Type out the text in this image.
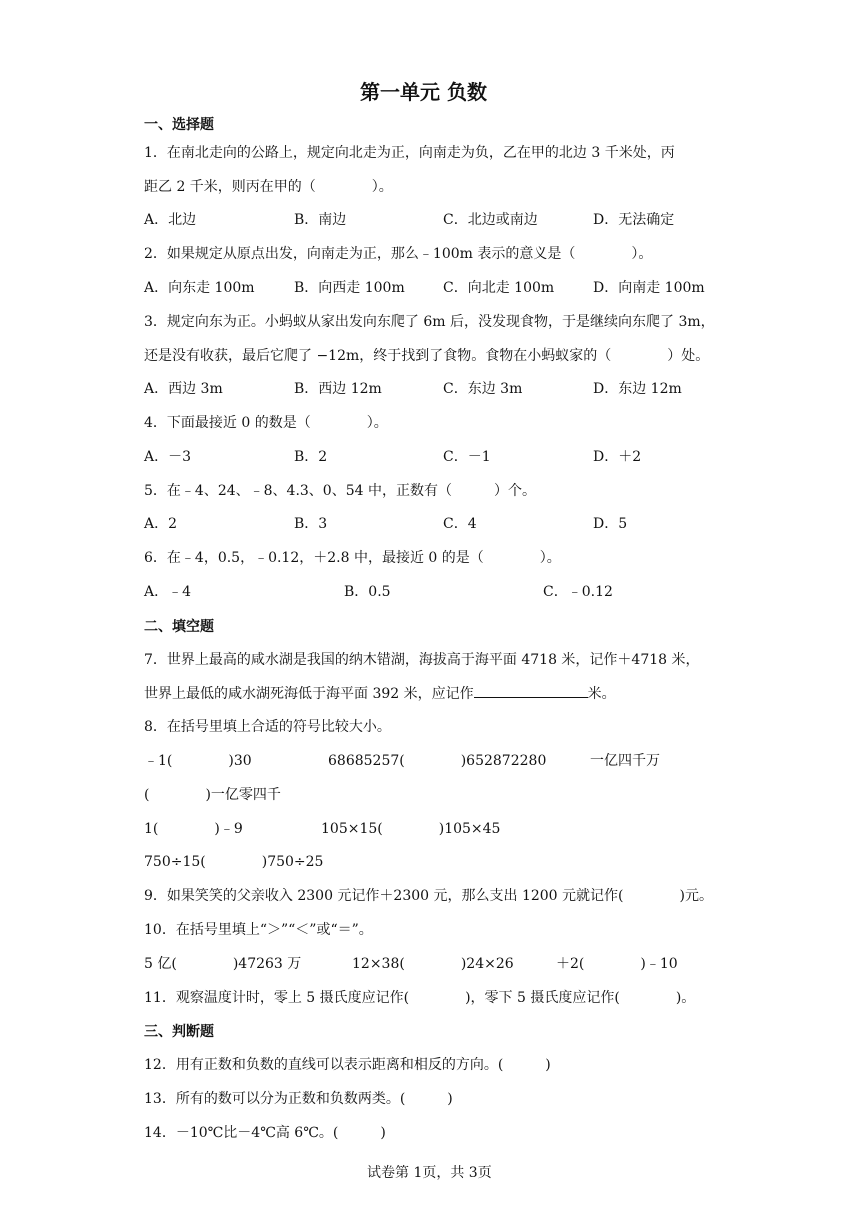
第一单元 负数
一、选择题
1．在南北走向的公路上，规定向北走为正，向南走为负，乙在甲的北边 3 千米处，丙
距乙 2 千米，则丙在甲的（　　　　）。
A．北边	B．南边	C．北边或南边	D．无法确定
2．如果规定从原点出发，向南走为正，那么﹣100m 表示的意义是（　　　　）。
A．向东走 100m	B．向西走 100m	C．向北走 100m	D．向南走 100m
3．规定向东为正。小蚂蚁从家出发向东爬了 6m 后，没发现食物，于是继续向东爬了 3m，
还是没有收获，最后它爬了 −12m，终于找到了食物。食物在小蚂蚁家的（　　　　）处。
A．西边 3m	B．西边 12m	C．东边 3m	D．东边 12m
4．下面最接近 0 的数是（　　　　）。
A．－3	B．2	C．－1	D．＋2
5．在﹣4、24、﹣8、4.3、0、54 中，正数有（　　　）个。
A．2	B．3	C．4	D．5
6．在﹣4，0.5，﹣0.12，＋2.8 中，最接近 0 的是（　　　　）。
A．﹣4	B．0.5	C．﹣0.12
二、填空题
7．世界上最高的咸水湖是我国的纳木错湖，海拔高于海平面 4718 米，记作＋4718 米，
世界上最低的咸水湖死海低于海平面 392 米，应记作	米。
8．在括号里填上合适的符号比较大小。
﹣1(　　　　)30	68685257(　　　　)652872280	一亿四千万
(　　　　)一亿零四千
1(　　　　)﹣9	105×15(　　　　)105×45
750÷15(　　　　)750÷25
9．如果笑笑的父亲收入 2300 元记作＋2300 元，那么支出 1200 元就记作(　　　　)元。
10．在括号里填上“＞”“＜”或“＝”。
5 亿(　　　　)47263 万	12×38(　　　　)24×26	＋2(　　　　)﹣10
11．观察温度计时，零上 5 摄氏度应记作(　　　　)，零下 5 摄氏度应记作(　　　　)。
三、判断题
12．用有正数和负数的直线可以表示距离和相反的方向。(　　　)
13．所有的数可以分为正数和负数两类。(　　　)
14．－10℃比－4℃高 6℃。(　　　)
试卷第 1页，共 3页
